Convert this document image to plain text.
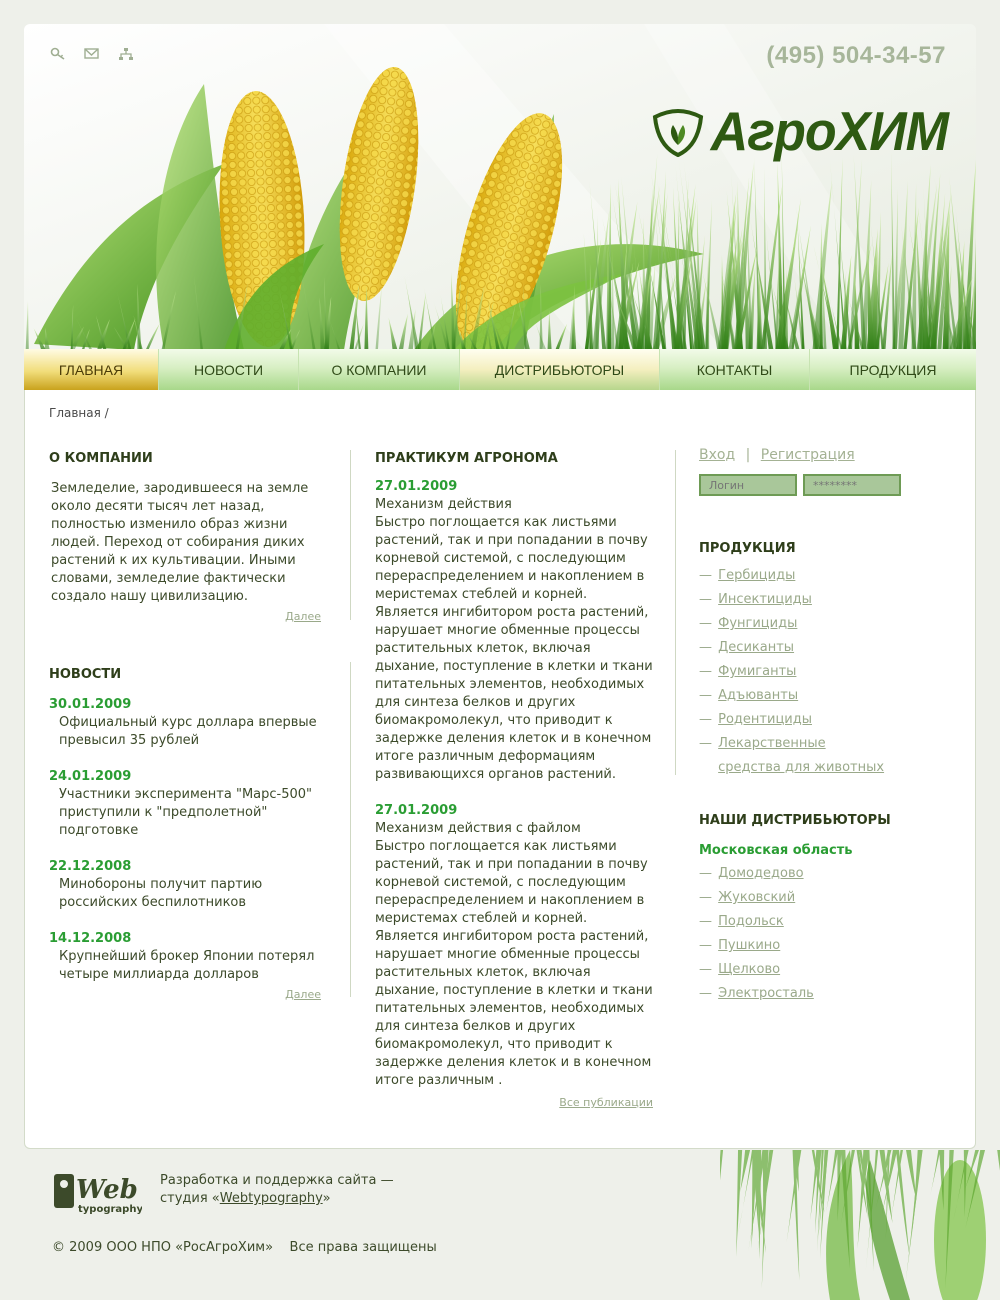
(495) 504-34-57
АгроХИМ
ГЛАВНАЯ	НОВОСТИ	О КОМПАНИИ	ДИСТРИБЬЮТОРЫ	КОНТАКТЫ	ПРОДУКЦИЯ
Главная /
О КОМПАНИИ
Земледелие, зародившееся на земле около десяти тысяч лет назад, полностью изменило образ жизни людей. Переход от собирания диких растений к их культивации. Иными словами, земледелие фактически создало нашу цивилизацию.
Далее
НОВОСТИ
30.01.2009
Официальный курс доллара впервые превысил 35 рублей
24.01.2009
Участники эксперимента "Марс-500" приступили к "предполетной" подготовке
22.12.2008
Минобороны получит партию российских беспилотников
14.12.2008
Крупнейший брокер Японии потерял четыре миллиарда долларов
Далее
ПРАКТИКУМ АГРОНОМА
27.01.2009
Механизм действия
Быстро поглощается как листьями растений, так и при попадании в почву корневой системой, с последующим перераспределением и накоплением в меристемах стеблей и корней. Является ингибитором роста растений, нарушает многие обменные процессы растительных клеток, включая дыхание, поступление в клетки и ткани питательных элементов, необходимых для синтеза белков и других биомакромолекул, что приводит к задержке деления клеток и в конечном итоге различным деформациям развивающихся органов растений.
27.01.2009
Механизм действия с файлом
Быстро поглощается как листьями растений, так и при попадании в почву корневой системой, с последующим перераспределением и накоплением в меристемах стеблей и корней. Является ингибитором роста растений, нарушает многие обменные процессы растительных клеток, включая дыхание, поступление в клетки и ткани питательных элементов, необходимых для синтеза белков и других биомакромолекул, что приводит к задержке деления клеток и в конечном итоге различным .
Все публикации
Вход | Регистрация
Логин
********
ПРОДУКЦИЯ
— Гербициды
— Инсектициды
— Фунгициды
— Десиканты
— Фумиганты
— Адъюванты
— Родентициды
—
Лекарственные средства для животных
НАШИ ДИСТРИБЬЮТОРЫ
Московская область
— Домодедово
— Жуковский
— Подольск
— Пушкино
— Щелково
— Электросталь
Web
typography
Разработка и поддержка сайта —
студия «Webtypography»
© 2009 ООО НПО «РосАгроХим»    Все права защищены
